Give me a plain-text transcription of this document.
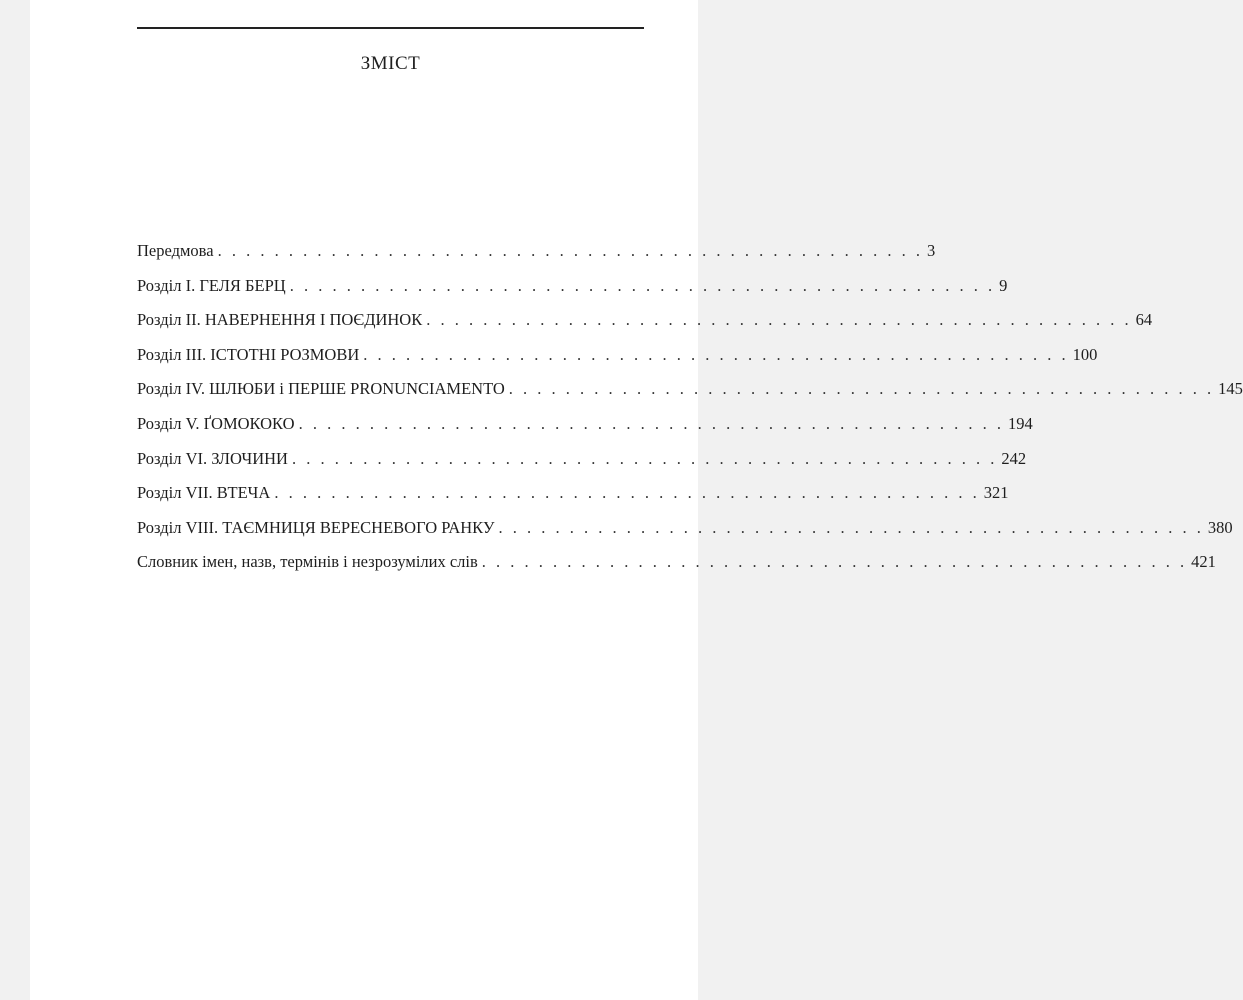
ЗМІСТ
Передмова . . . . . . . . . . . . . . . . . . . . . . . . . . . . . . . . . . . . . . . . . . . . . . . . . . 3
Розділ І. ГЕЛЯ БЕРЦ . . . . . . . . . . . . . . . . . . . . . . . . . . . . . . . . . . . . . . . . . . . . . . . . . . 9
Розділ ІІ. НАВЕРНЕННЯ І ПОЄДИНОК . . . . . . . . . . . . . . . . . . . . . . . . . . . . . . . . . . . . . . . . . . . . . . . . . . 64
Розділ ІІІ. ІСТОТНІ РОЗМОВИ . . . . . . . . . . . . . . . . . . . . . . . . . . . . . . . . . . . . . . . . . . . . . . . . . . 100
Розділ ІV. ШЛЮБИ і ПЕРШЕ PRONUNCIAMENTO . . . . . . . . . . . . . . . . . . . . . . . . . . . . . . . . . . . . . . . . . . . . . . . . . . 145
Розділ V. ҐОМОКОКО . . . . . . . . . . . . . . . . . . . . . . . . . . . . . . . . . . . . . . . . . . . . . . . . . . 194
Розділ VІ. ЗЛОЧИНИ . . . . . . . . . . . . . . . . . . . . . . . . . . . . . . . . . . . . . . . . . . . . . . . . . . 242
Розділ VІІ. ВТЕЧА . . . . . . . . . . . . . . . . . . . . . . . . . . . . . . . . . . . . . . . . . . . . . . . . . . 321
Розділ VІІІ. ТАЄМНИЦЯ ВЕРЕСНЕВОГО РАНКУ . . . . . . . . . . . . . . . . . . . . . . . . . . . . . . . . . . . . . . . . . . . . . . . . . . 380
Словник імен, назв, термінів і незрозумілих слів . . . . . . . . . . . . . . . . . . . . . . . . . . . . . . . . . . . . . . . . . . . . . . . . . . 421
